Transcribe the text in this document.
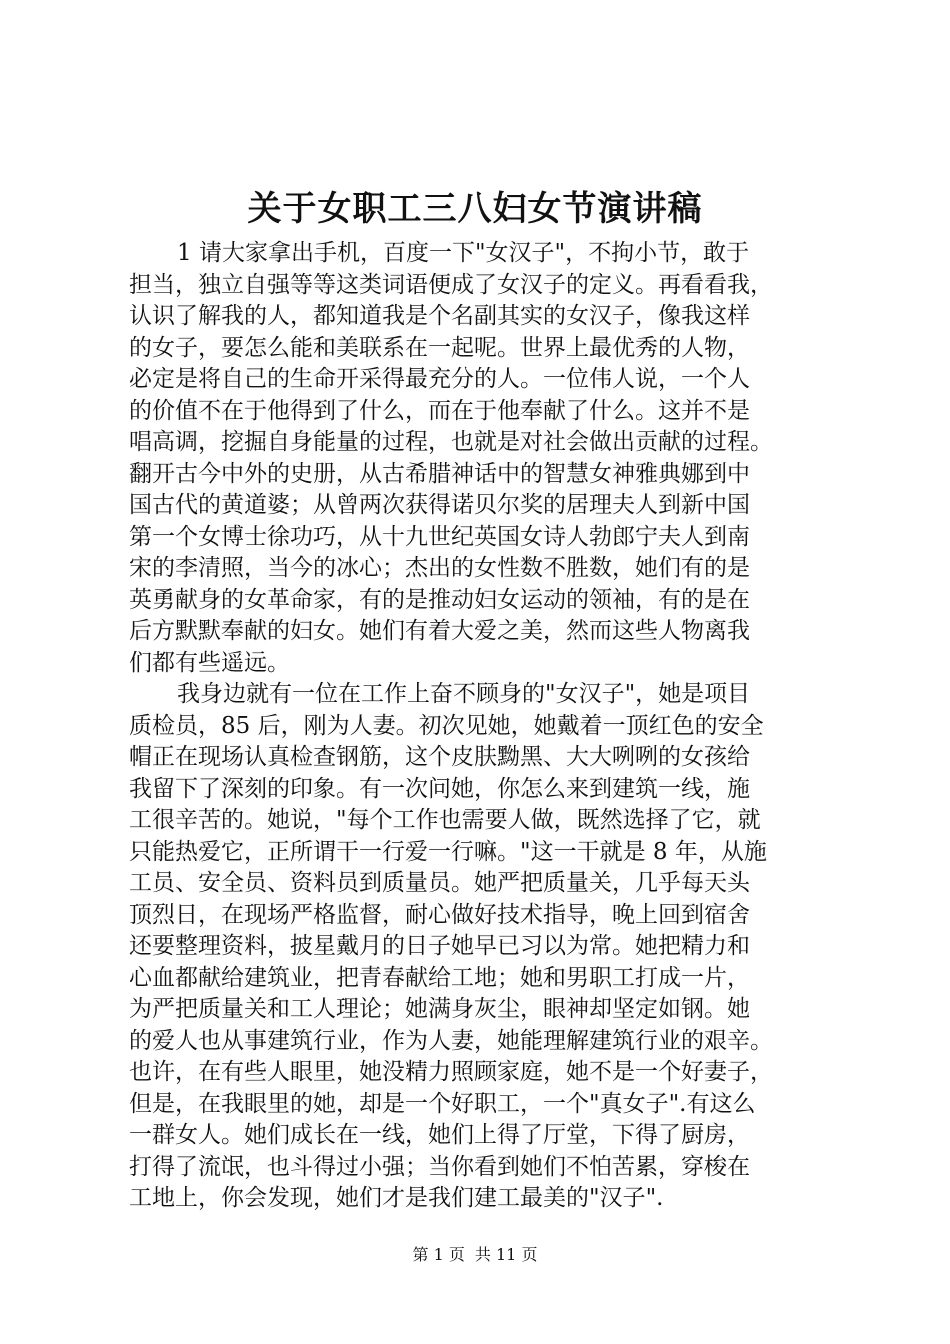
关于女职工三八妇女节演讲稿

1 请大家拿出手机，百度一下"女汉子"，不拘小节，敢于
担当，独立自强等等这类词语便成了女汉子的定义。再看看我，
认识了解我的人，都知道我是个名副其实的女汉子，像我这样
的女子，要怎么能和美联系在一起呢。世界上最优秀的人物，
必定是将自己的生命开采得最充分的人。一位伟人说，一个人
的价值不在于他得到了什么，而在于他奉献了什么。这并不是
唱高调，挖掘自身能量的过程，也就是对社会做出贡献的过程。
翻开古今中外的史册，从古希腊神话中的智慧女神雅典娜到中
国古代的黄道婆；从曾两次获得诺贝尔奖的居理夫人到新中国
第一个女博士徐功巧，从十九世纪英国女诗人勃郎宁夫人到南
宋的李清照，当今的冰心；杰出的女性数不胜数，她们有的是
英勇献身的女革命家，有的是推动妇女运动的领袖，有的是在
后方默默奉献的妇女。她们有着大爱之美，然而这些人物离我
们都有些遥远。

我身边就有一位在工作上奋不顾身的"女汉子"，她是项目
质检员，85 后，刚为人妻。初次见她，她戴着一顶红色的安全
帽正在现场认真检查钢筋，这个皮肤黝黑、大大咧咧的女孩给
我留下了深刻的印象。有一次问她，你怎么来到建筑一线，施
工很辛苦的。她说，"每个工作也需要人做，既然选择了它，就
只能热爱它，正所谓干一行爱一行嘛。"这一干就是 8 年，从施
工员、安全员、资料员到质量员。她严把质量关，几乎每天头
顶烈日，在现场严格监督，耐心做好技术指导，晚上回到宿舍
还要整理资料，披星戴月的日子她早已习以为常。她把精力和
心血都献给建筑业，把青春献给工地；她和男职工打成一片，
为严把质量关和工人理论；她满身灰尘，眼神却坚定如钢。她
的爱人也从事建筑行业，作为人妻，她能理解建筑行业的艰辛。
也许，在有些人眼里，她没精力照顾家庭，她不是一个好妻子，
但是，在我眼里的她，却是一个好职工，一个"真女子".有这么
一群女人。她们成长在一线，她们上得了厅堂，下得了厨房，
打得了流氓，也斗得过小强；当你看到她们不怕苦累，穿梭在
工地上，你会发现，她们才是我们建工最美的"汉子".

第 1 页 共 11 页
